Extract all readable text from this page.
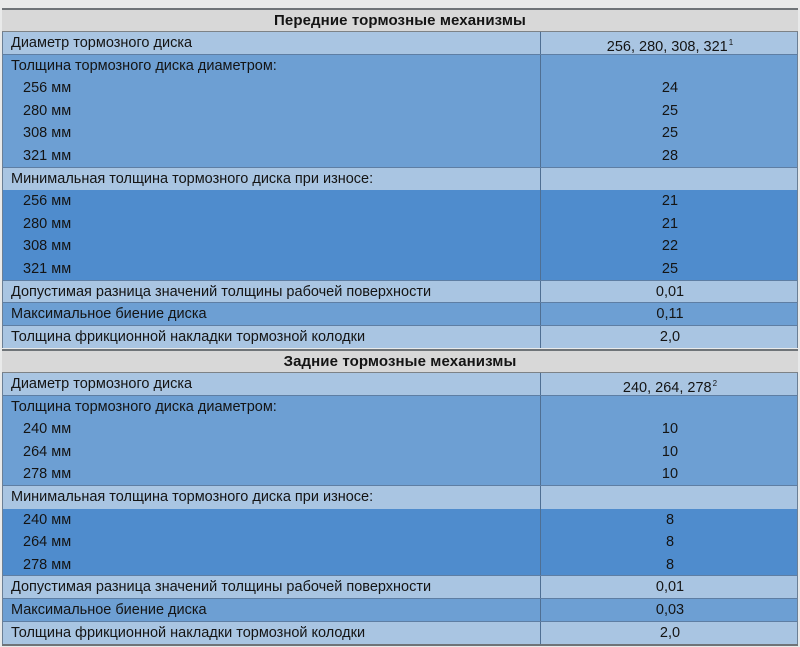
Передние тормозные механизмы
Диаметр тормозного диска	256, 280, 308, $321^1$
Толщина тормозного диска диаметром:
256 мм	24
280 мм	25
308 мм	25
321 мм	28
Минимальная толщина тормозного диска при износе:
256 мм	21
280 мм	21
308 мм	22
321 мм	25
Допустимая разница значений толщины рабочей поверхности	0,01
Максимальное биение диска	0,11
Толщина фрикционной накладки тормозной колодки	2,0
Задние тормозные механизмы
Диаметр тормозного диска	240, 264, $278^2$
Толщина тормозного диска диаметром:
240 мм	10
264 мм	10
278 мм	10
Минимальная толщина тормозного диска при износе:
240 мм	8
264 мм	8
278 мм	8
Допустимая разница значений толщины рабочей поверхности	0,01
Максимальное биение диска	0,03
Толщина фрикционной накладки тормозной колодки	2,0
